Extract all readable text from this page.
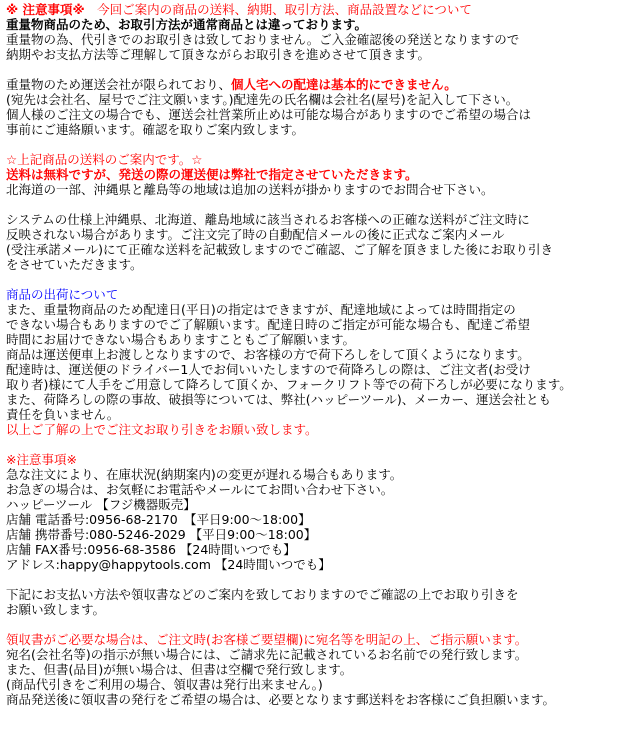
※ 注意事項※　今回ご案内の商品の送料、納期、取引方法、商品設置などについて
重量物商品のため、お取引方法が通常商品とは違っております。
重量物の為、代引きでのお取引きは致しておりません。ご入金確認後の発送となりますので
納期やお支払方法等ご理解して頂きながらお取引きを進めさせて頂きます。
重量物のため運送会社が限られており、個人宅への配達は基本的にできません。
(宛先は会社名、屋号でご注文願います。)配達先の氏名欄は会社名(屋号)を記入して下さい。
個人様のご注文の場合でも、運送会社営業所止めは可能な場合がありますのでご希望の場合は
事前にご連絡願います。確認を取りご案内致します。
☆上記商品の送料のご案内です。☆
送料は無料ですが、発送の際の運送便は弊社で指定させていただきます。
北海道の一部、沖縄県と離島等の地域は追加の送料が掛かりますのでお問合せ下さい。
システムの仕様上沖縄県、北海道、離島地域に該当されるお客様への正確な送料がご注文時に
反映されない場合があります。ご注文完了時の自動配信メールの後に正式なご案内メール
(受注承諾メール)にて正確な送料を記載致しますのでご確認、ご了解を頂きました後にお取り引き
をさせていただきます。
商品の出荷について
また、重量物商品のため配達日(平日)の指定はできますが、配達地域によっては時間指定の
できない場合もありますのでご了解願います。配達日時のご指定が可能な場合も、配達ご希望
時間にお届けできない場合もありますこともご了解願います。
商品は運送便車上お渡しとなりますので、お客様の方で荷下ろしをして頂くようになります。
配達時は、運送便のドライバー1人でお伺いいたしますので荷降ろしの際は、ご注文者(お受け
取り者)様にて人手をご用意して降ろして頂くか、フォークリフト等での荷下ろしが必要になります。
また、荷降ろしの際の事故、破損等については、弊社(ハッピーツール)、メーカー、運送会社とも
責任を負いません。
以上ご了解の上でご注文お取り引きをお願い致します。
※注意事項※
急な注文により、在庫状況(納期案内)の変更が遅れる場合もあります。
お急ぎの場合は、お気軽にお電話やメールにてお問い合わせ下さい。
ハッピーツール 【フジ機器販売】
店舗 電話番号:0956-68-2170　【平日9:00～18:00】
店舗 携帯番号:080-5246-2029 【平日9:00～18:00】
店舗 FAX番号:0956-68-3586 【24時間いつでも】
アドレス:happy@happytools.com 【24時間いつでも】
下記にお支払い方法や領収書などのご案内を致しておりますのでご確認の上でお取り引きを
お願い致します。
領収書がご必要な場合は、ご注文時(お客様ご要望欄)に宛名等を明記の上、ご指示願います。
宛名(会社名等)の指示が無い場合には、ご請求先に記載されているお名前での発行致します。
また、但書(品目)が無い場合は、但書は空欄で発行致します。
(商品代引きをご利用の場合、領収書は発行出来ません。)
商品発送後に領収書の発行をご希望の場合は、必要となります郵送料をお客様にご負担願います。
